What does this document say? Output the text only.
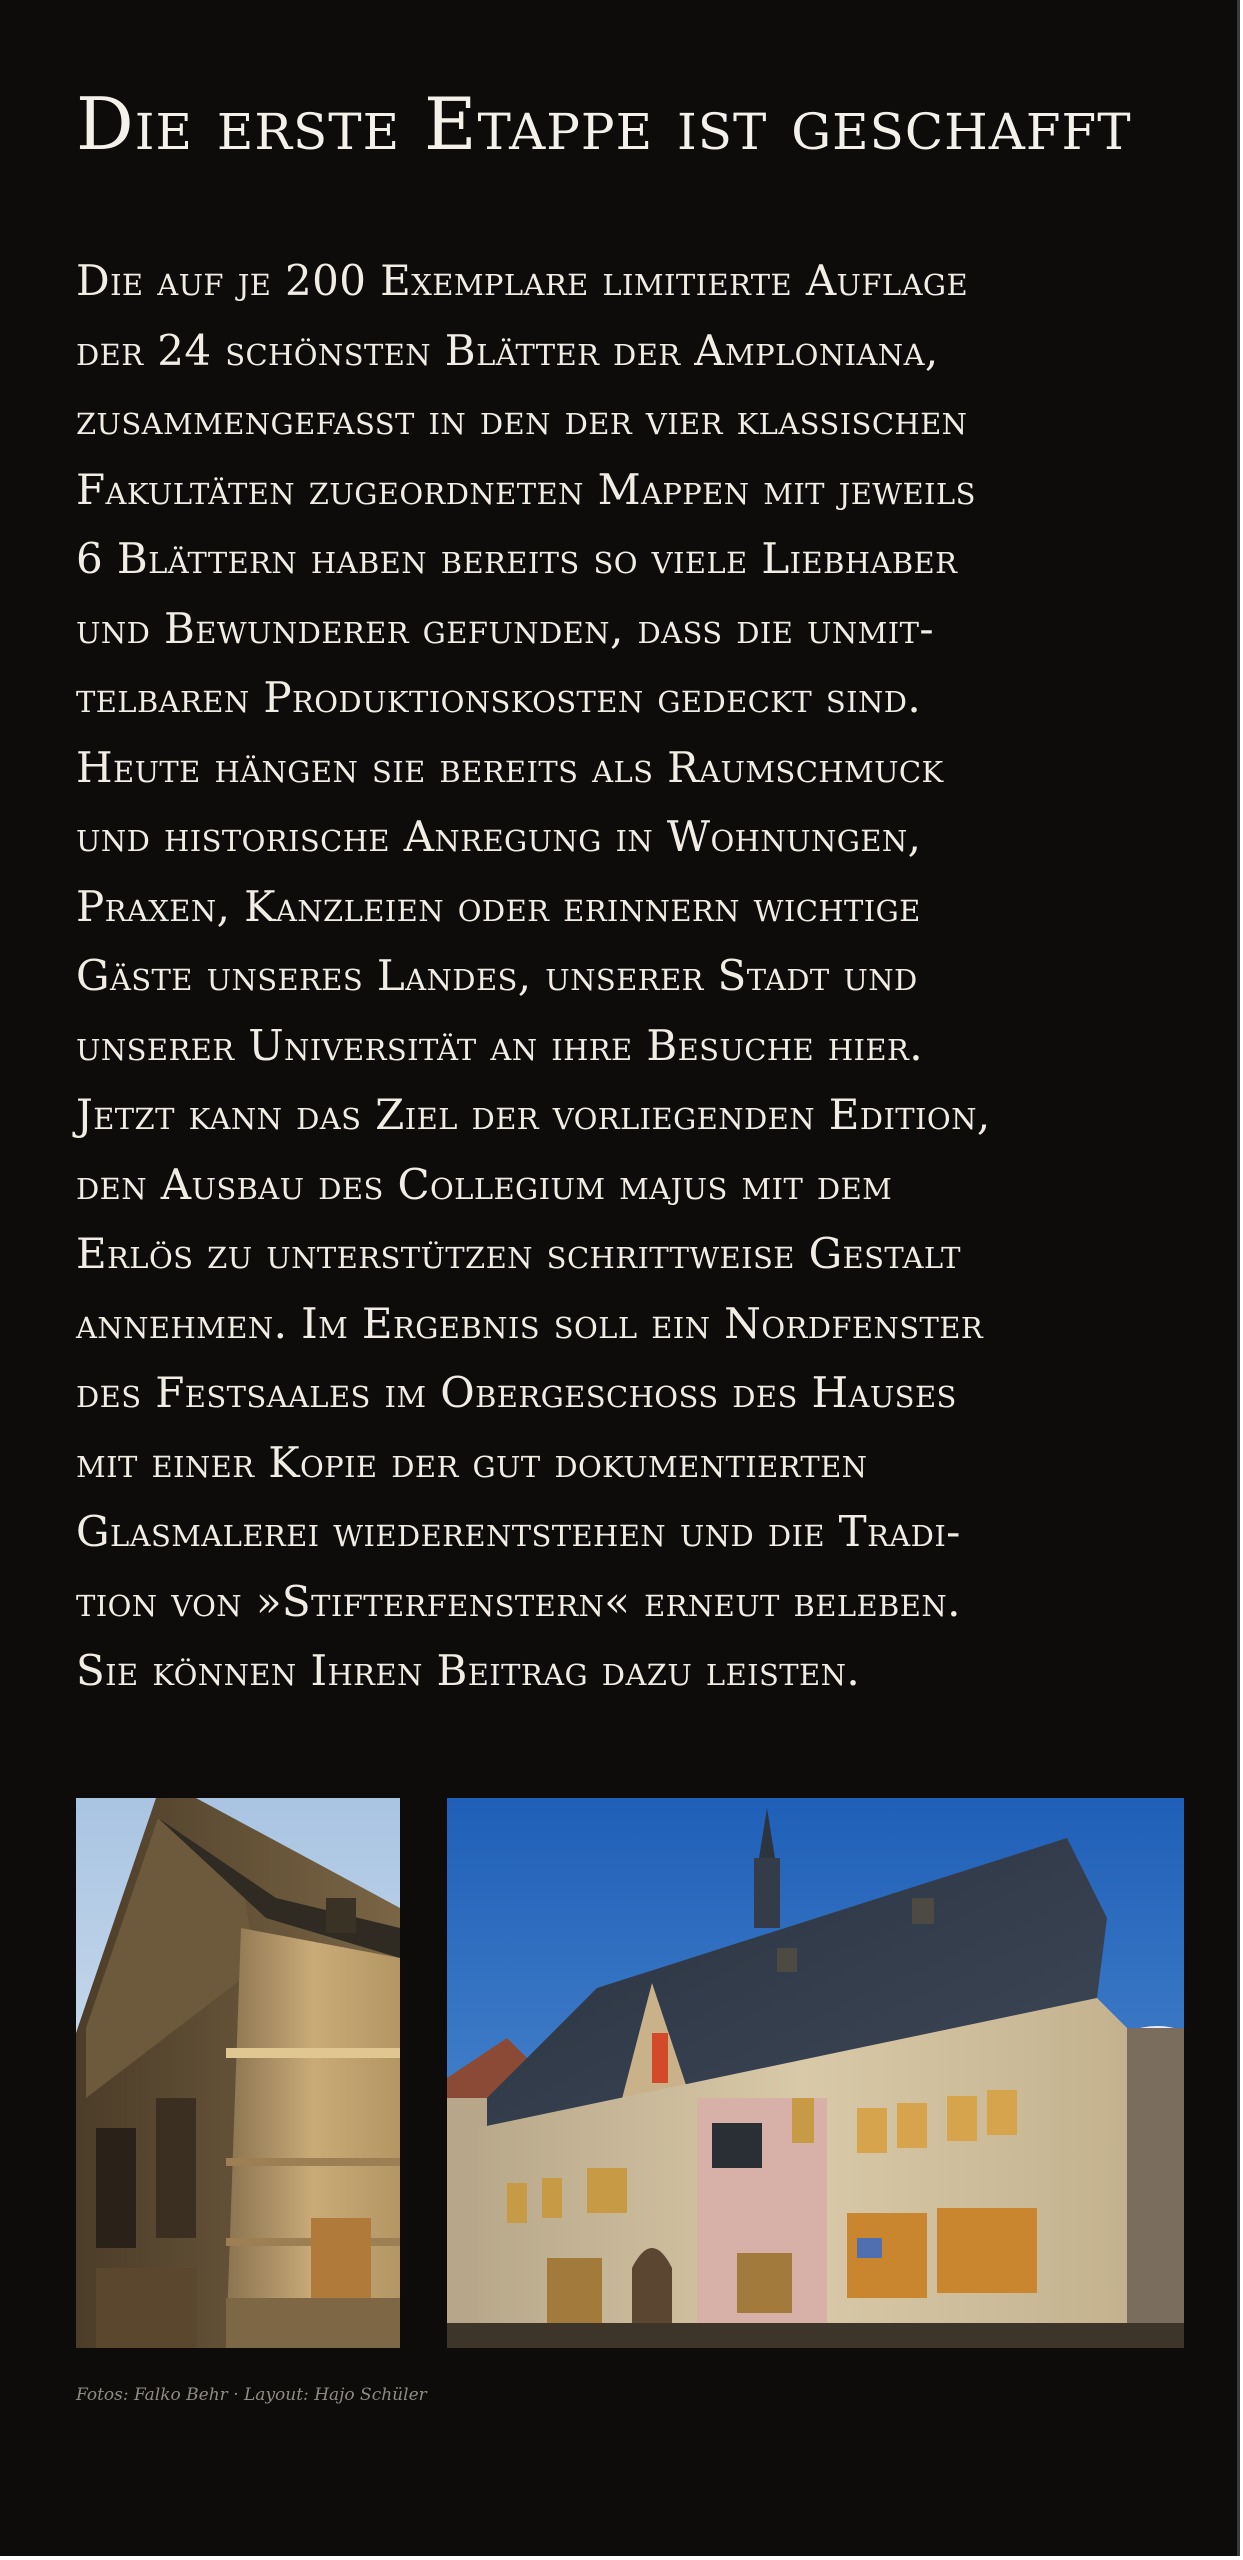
Die erste Etappe ist geschafft

Die auf je 200 Exemplare limitierte Auflage
der 24 schönsten Blätter der Amploniana,
zusammengefasst in den der vier klassischen
Fakultäten zugeordneten Mappen mit jeweils
6 Blättern haben bereits so viele Liebhaber
und Bewunderer gefunden, dass die unmit-
telbaren Produktionskosten gedeckt sind.
Heute hängen sie bereits als Raumschmuck
und historische Anregung in Wohnungen,
Praxen, Kanzleien oder erinnern wichtige
Gäste unseres Landes, unserer Stadt und
unserer Universität an ihre Besuche hier.
Jetzt kann das Ziel der vorliegenden Edition,
den Ausbau des Collegium majus mit dem
Erlös zu unterstützen schrittweise Gestalt
annehmen. Im Ergebnis soll ein Nordfenster
des Festsaales im Obergeschoss des Hauses
mit einer Kopie der gut dokumentierten
Glasmalerei wiederentstehen und die Tradi-
tion von »Stifterfenstern« erneut beleben.
Sie können Ihren Beitrag dazu leisten.

Fotos: Falko Behr · Layout: Hajo Schüler
